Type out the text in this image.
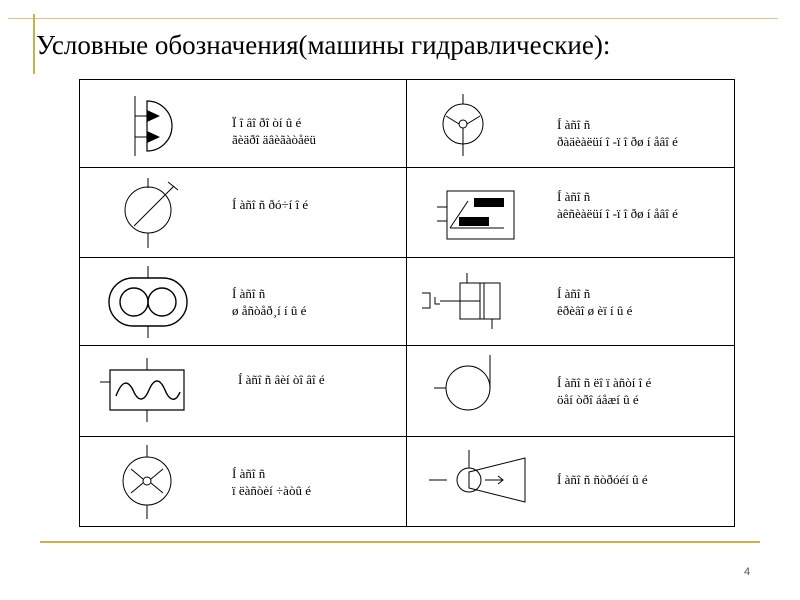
Условные обозначения(машины гидравлические):
Ï î âî ðî òí û é
ãèäðî äâèãàòåëü
Í àñî ñ
ðàäèàëüí î -ï î ðø í åâî é
Í àñî ñ ðó÷í î é
Í àñî ñ
àêñèàëüí î -ï î ðø í åâî é
Í àñî ñ
ø åñòåð¸í í û é
Í àñî ñ
êðèâî ø èï í û é
Í àñî ñ âèí òî âî é	Í àñî ñ ëî ï àñòí î é
öåí òðî áåæí û é
Í àñî ñ
ï ëàñòèí ÷àòû é
Í àñî ñ ñòðóéí û é
4
